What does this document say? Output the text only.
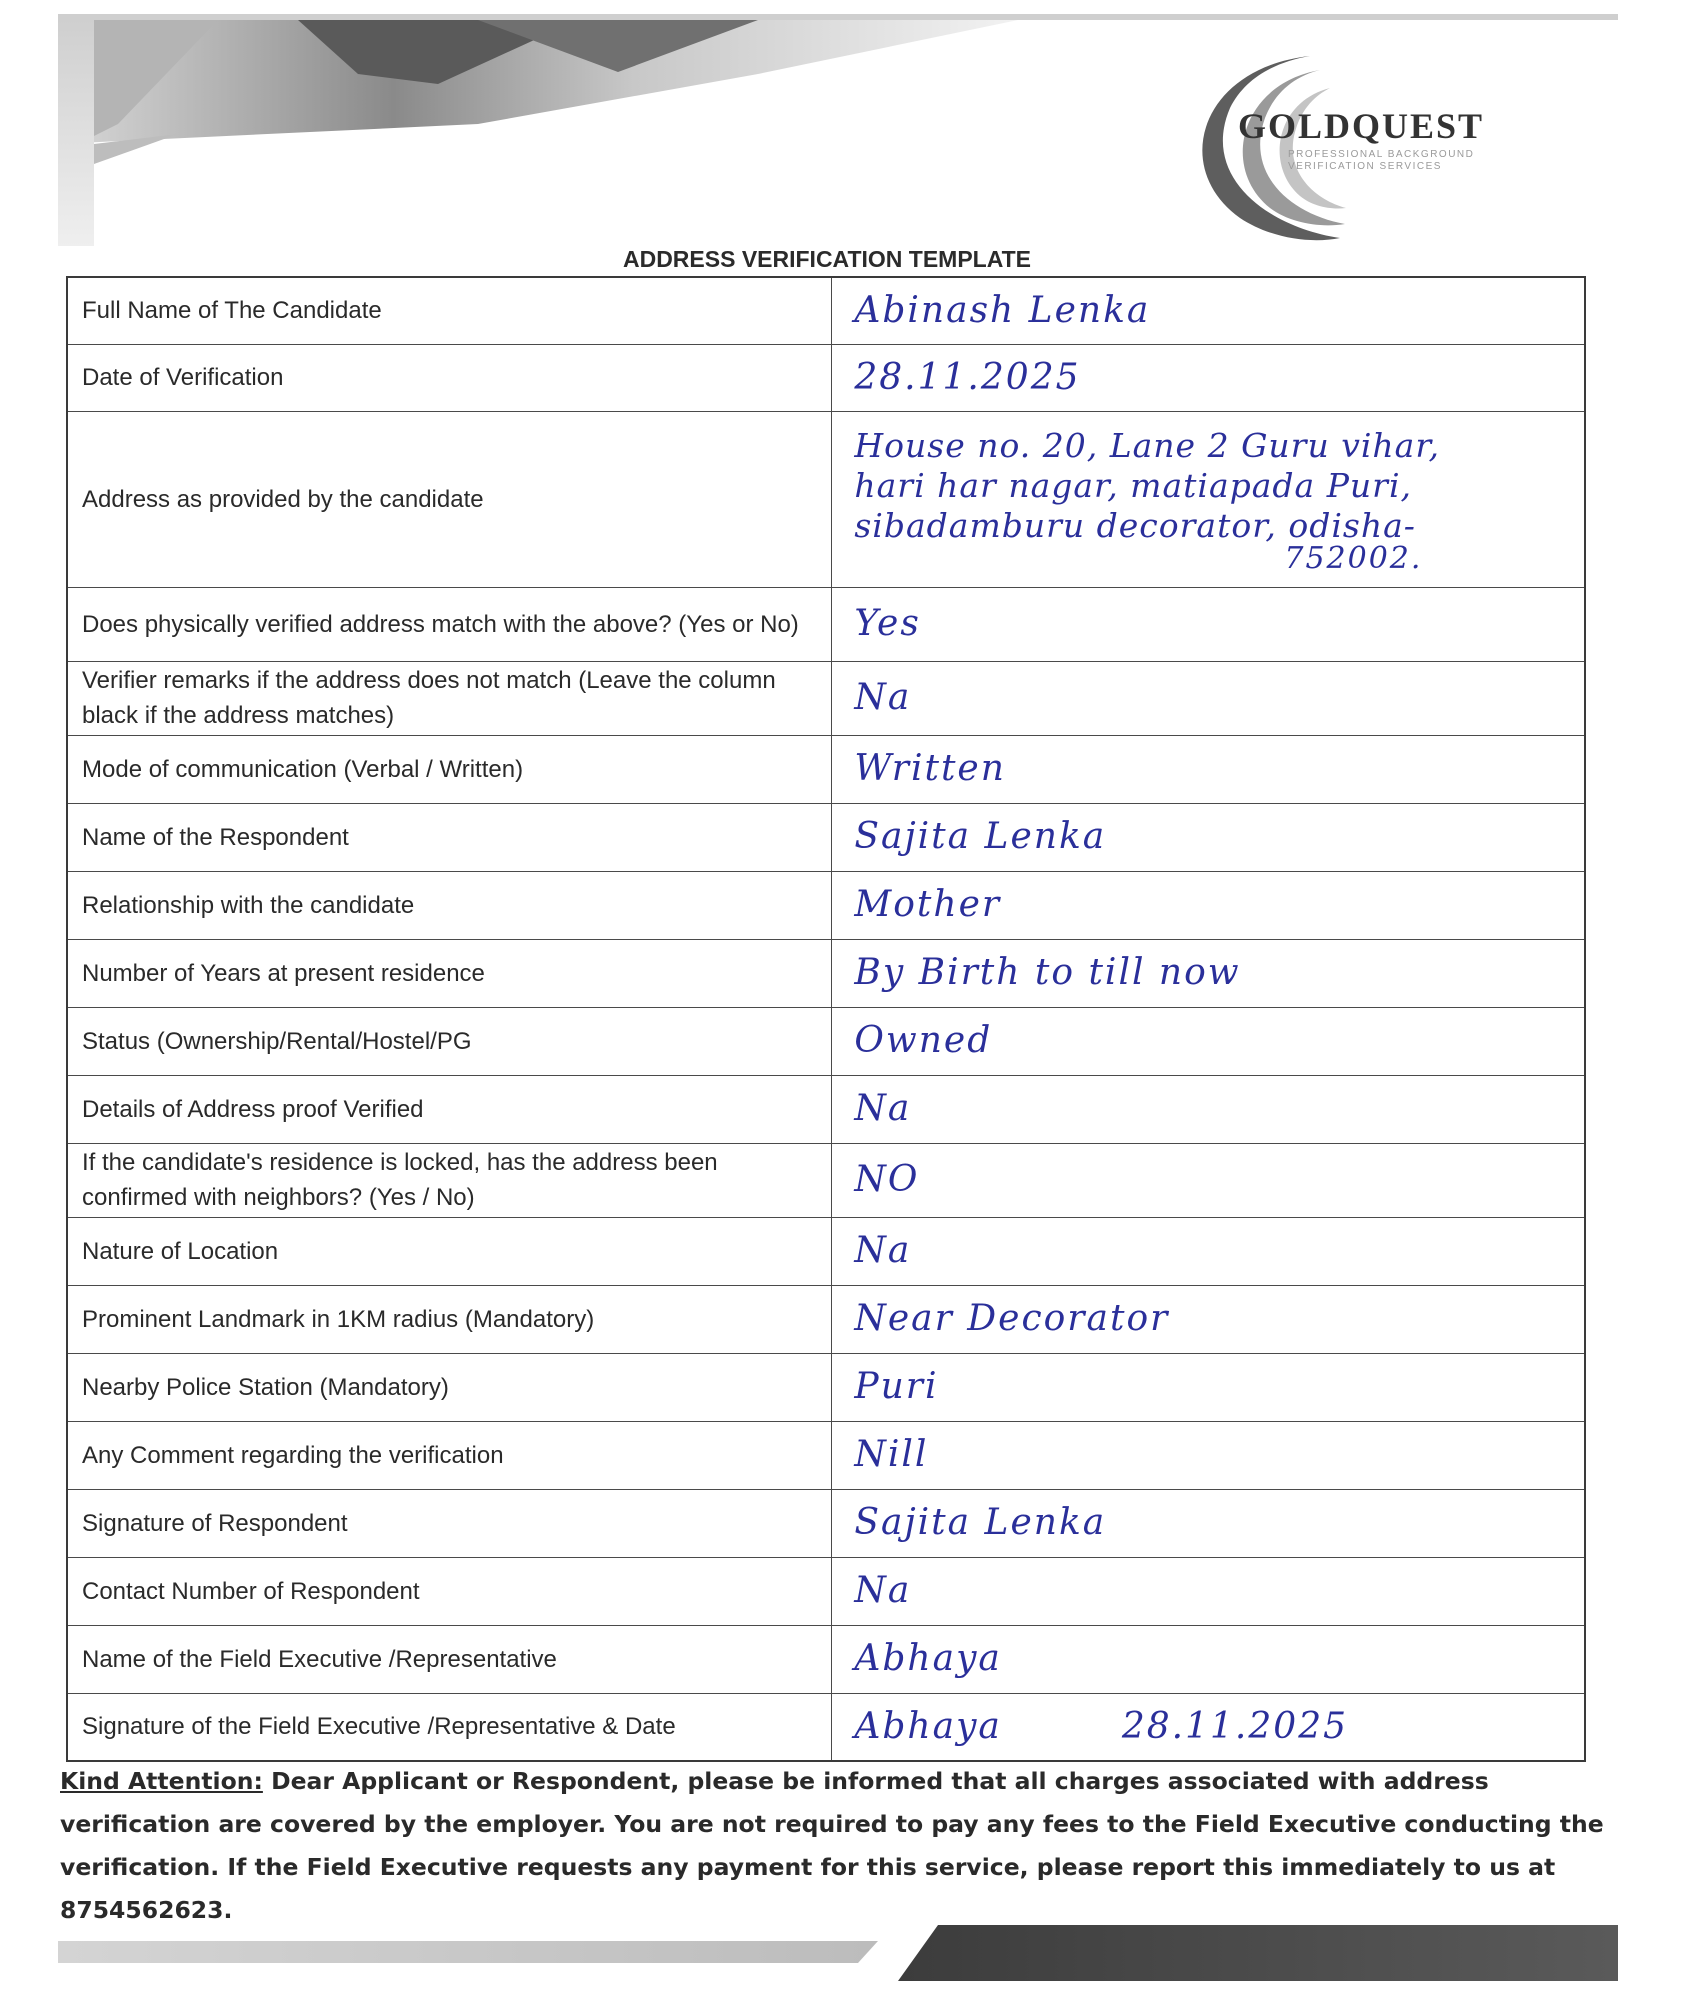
GOLDQUEST
PROFESSIONAL BACKGROUND VERIFICATION SERVICES
ADDRESS VERIFICATION TEMPLATE
Full Name of The Candidate	Abinash Lenka
Date of Verification	28.11.2025
Address as provided by the candidate	House no. 20, Lane 2 Guru vihar,
hari har nagar, matiapada Puri,
sibadamburu decorator, odisha-
752002.

Does physically verified address match with the above? (Yes or No)	Yes
Verifier remarks if the address does not match (Leave the column black if the address matches)	Na
Mode of communication (Verbal / Written)	Written
Name of the Respondent	Sajita Lenka
Relationship with the candidate	Mother
Number of Years at present residence	By Birth to till now
Status (Ownership/Rental/Hostel/PG	Owned
Details of Address proof Verified	Na
If the candidate's residence is locked, has the address been confirmed with neighbors? (Yes / No)	NO
Nature of Location	Na
Prominent Landmark in 1KM radius (Mandatory)	Near Decorator
Nearby Police Station (Mandatory)	Puri
Any Comment regarding the verification	Nill
Signature of Respondent	Sajita Lenka
Contact Number of Respondent	Na
Name of the Field Executive /Representative	Abhaya
Signature of the Field Executive /Representative & Date	Abhaya 28.11.2025
Kind Attention: Dear Applicant or Respondent, please be informed that all charges associated with address verification are covered by the employer. You are not required to pay any fees to the Field Executive conducting the verification. If the Field Executive requests any payment for this service, please report this immediately to us at 8754562623.
